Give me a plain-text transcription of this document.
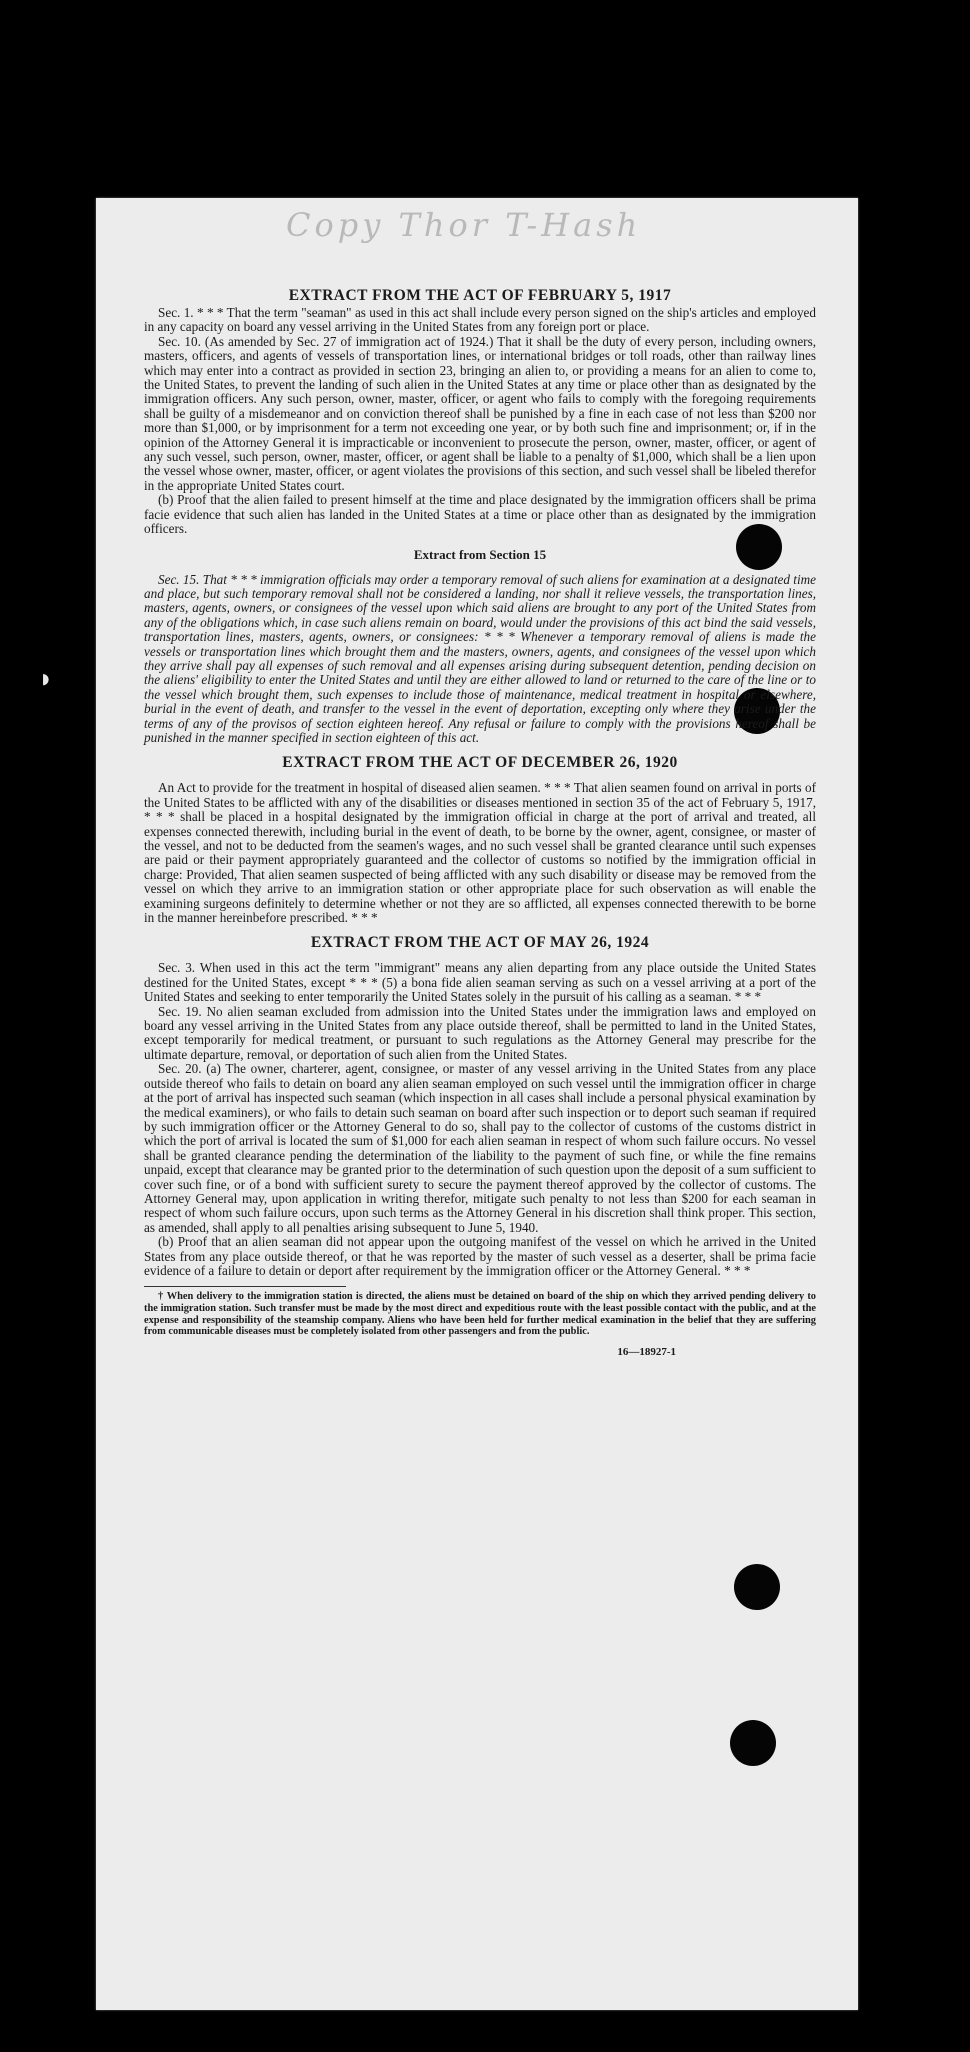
Copy Thor T-Hash
EXTRACT FROM THE ACT OF FEBRUARY 5, 1917

Sec. 1. * * * That the term "seaman" as used in this act shall include every person signed on the ship's articles and employed in any capacity on board any vessel arriving in the United States from any foreign port or place.

Sec. 10. (As amended by Sec. 27 of immigration act of 1924.) That it shall be the duty of every person, including owners, masters, officers, and agents of vessels of transportation lines, or international bridges or toll roads, other than railway lines which may enter into a contract as provided in section 23, bringing an alien to, or providing a means for an alien to come to, the United States, to prevent the landing of such alien in the United States at any time or place other than as designated by the immigration officers. Any such person, owner, master, officer, or agent who fails to comply with the foregoing requirements shall be guilty of a misdemeanor and on conviction thereof shall be punished by a fine in each case of not less than $200 nor more than $1,000, or by imprisonment for a term not exceeding one year, or by both such fine and imprisonment; or, if in the opinion of the Attorney General it is impracticable or inconvenient to prosecute the person, owner, master, officer, or agent of any such vessel, such person, owner, master, officer, or agent shall be liable to a penalty of $1,000, which shall be a lien upon the vessel whose owner, master, officer, or agent violates the provisions of this section, and such vessel shall be libeled therefor in the appropriate United States court.

(b) Proof that the alien failed to present himself at the time and place designated by the immigration officers shall be prima facie evidence that such alien has landed in the United States at a time or place other than as designated by the immigration officers.

Extract from Section 15

Sec. 15. That * * * immigration officials may order a temporary removal of such aliens for examination at a designated time and place, but such temporary removal shall not be considered a landing, nor shall it relieve vessels, the transportation lines, masters, agents, owners, or consignees of the vessel upon which said aliens are brought to any port of the United States from any of the obligations which, in case such aliens remain on board, would under the provisions of this act bind the said vessels, transportation lines, masters, agents, owners, or consignees: * * * Whenever a temporary removal of aliens is made the vessels or transportation lines which brought them and the masters, owners, agents, and consignees of the vessel upon which they arrive shall pay all expenses of such removal and all expenses arising during subsequent detention, pending decision on the aliens' eligibility to enter the United States and until they are either allowed to land or returned to the care of the line or to the vessel which brought them, such expenses to include those of maintenance, medical treatment in hospital or elsewhere, burial in the event of death, and transfer to the vessel in the event of deportation, excepting only where they arise under the terms of any of the provisos of section eighteen hereof. Any refusal or failure to comply with the provisions hereof shall be punished in the manner specified in section eighteen of this act.

EXTRACT FROM THE ACT OF DECEMBER 26, 1920

An Act to provide for the treatment in hospital of diseased alien seamen. * * * That alien seamen found on arrival in ports of the United States to be afflicted with any of the disabilities or diseases mentioned in section 35 of the act of February 5, 1917, * * * shall be placed in a hospital designated by the immigration official in charge at the port of arrival and treated, all expenses connected therewith, including burial in the event of death, to be borne by the owner, agent, consignee, or master of the vessel, and not to be deducted from the seamen's wages, and no such vessel shall be granted clearance until such expenses are paid or their payment appropriately guaranteed and the collector of customs so notified by the immigration official in charge: Provided, That alien seamen suspected of being afflicted with any such disability or disease may be removed from the vessel on which they arrive to an immigration station or other appropriate place for such observation as will enable the examining surgeons definitely to determine whether or not they are so afflicted, all expenses connected therewith to be borne in the manner hereinbefore prescribed. * * *

EXTRACT FROM THE ACT OF MAY 26, 1924

Sec. 3. When used in this act the term "immigrant" means any alien departing from any place outside the United States destined for the United States, except * * * (5) a bona fide alien seaman serving as such on a vessel arriving at a port of the United States and seeking to enter temporarily the United States solely in the pursuit of his calling as a seaman. * * *

Sec. 19. No alien seaman excluded from admission into the United States under the immigration laws and employed on board any vessel arriving in the United States from any place outside thereof, shall be permitted to land in the United States, except temporarily for medical treatment, or pursuant to such regulations as the Attorney General may prescribe for the ultimate departure, removal, or deportation of such alien from the United States.

Sec. 20. (a) The owner, charterer, agent, consignee, or master of any vessel arriving in the United States from any place outside thereof who fails to detain on board any alien seaman employed on such vessel until the immigration officer in charge at the port of arrival has inspected such seaman (which inspection in all cases shall include a personal physical examination by the medical examiners), or who fails to detain such seaman on board after such inspection or to deport such seaman if required by such immigration officer or the Attorney General to do so, shall pay to the collector of customs of the customs district in which the port of arrival is located the sum of $1,000 for each alien seaman in respect of whom such failure occurs. No vessel shall be granted clearance pending the determination of the liability to the payment of such fine, or while the fine remains unpaid, except that clearance may be granted prior to the determination of such question upon the deposit of a sum sufficient to cover such fine, or of a bond with sufficient surety to secure the payment thereof approved by the collector of customs. The Attorney General may, upon application in writing therefor, mitigate such penalty to not less than $200 for each seaman in respect of whom such failure occurs, upon such terms as the Attorney General in his discretion shall think proper. This section, as amended, shall apply to all penalties arising subsequent to June 5, 1940.

(b) Proof that an alien seaman did not appear upon the outgoing manifest of the vessel on which he arrived in the United States from any place outside thereof, or that he was reported by the master of such vessel as a deserter, shall be prima facie evidence of a failure to detain or deport after requirement by the immigration officer or the Attorney General. * * *

† When delivery to the immigration station is directed, the aliens must be detained on board of the ship on which they arrived pending delivery to the immigration station. Such transfer must be made by the most direct and expeditious route with the least possible contact with the public, and at the expense and responsibility of the steamship company. Aliens who have been held for further medical examination in the belief that they are suffering from communicable diseases must be completely isolated from other passengers and from the public.

16—18927-1
◗
